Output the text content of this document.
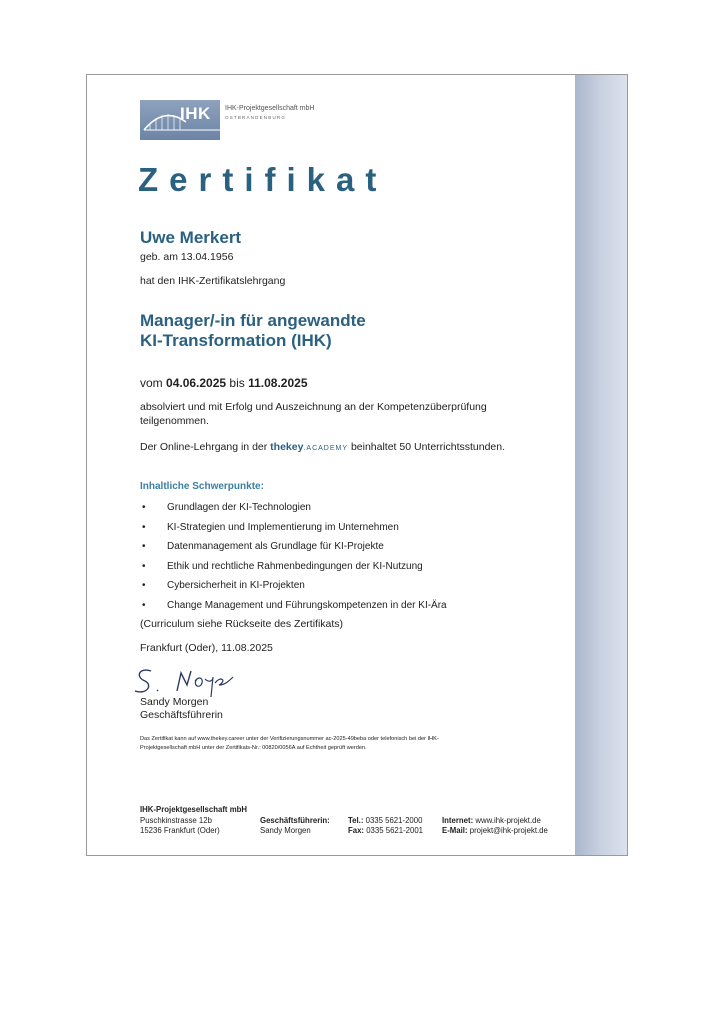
IHK IHK-Projektgesellschaft mbH
OSTBRANDENBURG
Zertifikat
Uwe Merkert
geb. am 13.04.1956
hat den IHK-Zertifikatslehrgang
Manager/-in für angewandte
KI-Transformation (IHK)
vom 04.06.2025 bis 11.08.2025
absolviert und mit Erfolg und Auszeichnung an der Kompetenzüberprüfung
teilgenommen.
Der Online-Lehrgang in der thekey.ACADEMY beinhaltet 50 Unterrichtsstunden.
Inhaltliche Schwerpunkte:
• Grundlagen der KI-Technologien
• KI-Strategien und Implementierung im Unternehmen
• Datenmanagement als Grundlage für KI-Projekte
• Ethik und rechtliche Rahmenbedingungen der KI-Nutzung
• Cybersicherheit in KI-Projekten
• Change Management und Führungskompetenzen in der KI-Ära
(Curriculum siehe Rückseite des Zertifikats)
Frankfurt (Oder), 11.08.2025
Sandy Morgen
Geschäftsführerin
Das Zertifikat kann auf www.thekey.career unter der Verifizierungsnummer ac-2025-49beba oder telefonisch bei der IHK-
Projektgesellschaft mbH unter der Zertifikats-Nr.: 00820/0056A auf Echtheit geprüft werden.
IHK-Projektgesellschaft mbH
Puschkinstrasse 12b
15236 Frankfurt (Oder)
Geschäftsführerin:
Sandy Morgen
Tel.: 0335 5621-2000
Fax: 0335 5621-2001
Internet: www.ihk-projekt.de
E-Mail: projekt@ihk-projekt.de
